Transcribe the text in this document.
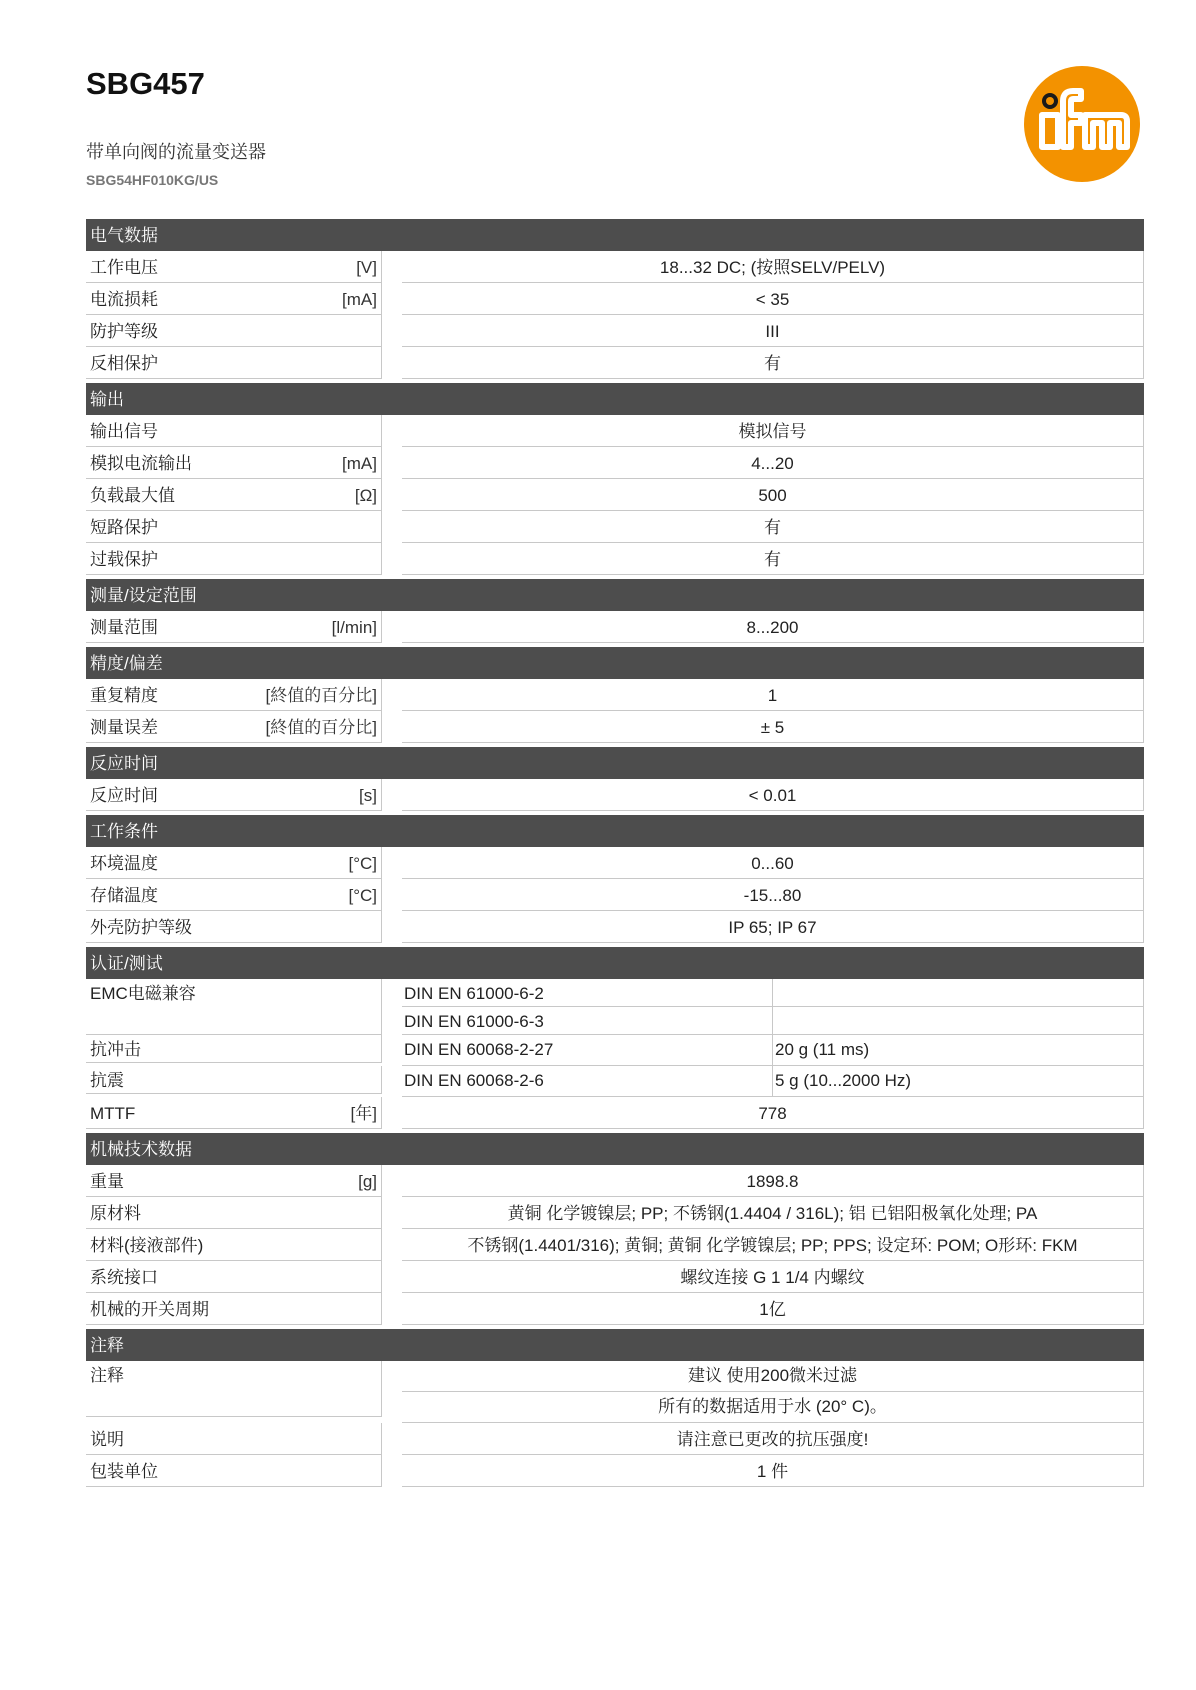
SBG457
带单向阀的流量变送器
SBG54HF010KG/US
电气数据
工作电压	[V]	18...32 DC; (按照SELV/PELV)
电流损耗	[mA]	< 35
防护等级	III
反相保护	有
输出
输出信号	模拟信号
模拟电流输出	[mA]	4...20
负载最大值	[Ω]	500
短路保护	有
过载保护	有
测量/设定范围
测量范围	[l/min]	8...200
精度/偏差
重复精度	[終值的百分比]	1
测量误差	[終值的百分比]	± 5
反应时间
反应时间	[s]	< 0.01
工作条件
环境温度	[°C]	0...60
存储温度	[°C]	-15...80
外壳防护等级	IP 65; IP 67
认证/测试
EMC电磁兼容	DIN EN 61000-6-2
DIN EN 61000-6-3
抗冲击	DIN EN 60068-2-27	20 g (11 ms)
抗震	DIN EN 60068-2-6	5 g (10...2000 Hz)
MTTF	[年]	778
机械技术数据
重量	[g]	1898.8
原材料	黄铜 化学镀镍层; PP; 不锈钢(1.4404 / 316L); 铝 已铝阳极氧化处理; PA
材料(接液部件)	不锈钢(1.4401/316); 黄铜; 黄铜 化学镀镍层; PP; PPS; 设定环: POM; O形环: FKM
系统接口	螺纹连接 G 1 1/4 内螺纹
机械的开关周期	1亿
注释
注释	建议 使用200微米过滤
所有的数据适用于水 (20° C)。
说明	请注意已更改的抗压强度!
包装单位	1 件
